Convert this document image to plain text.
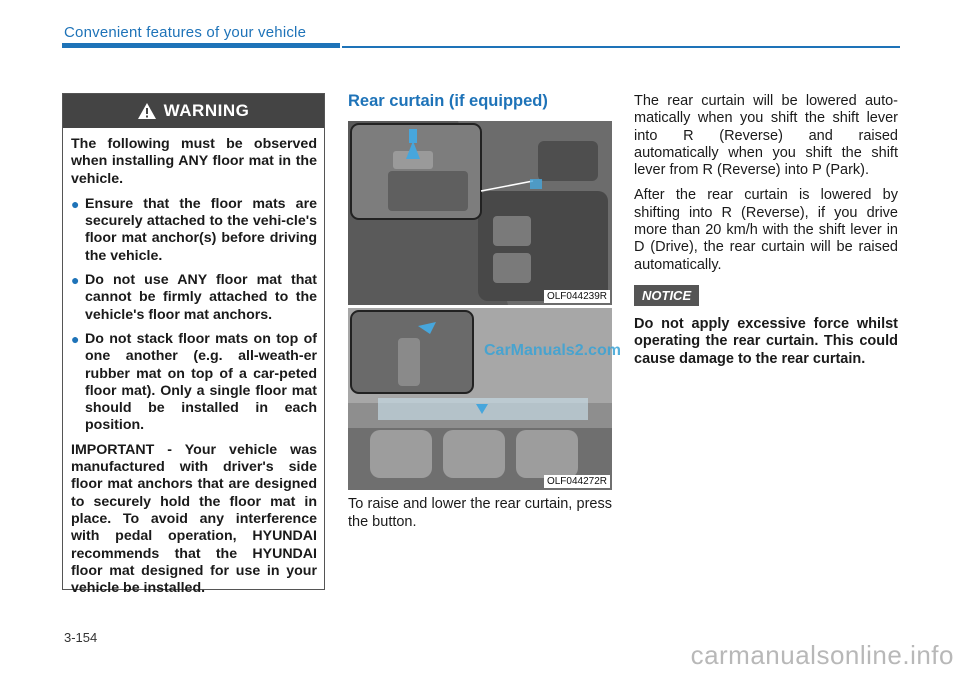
Convenient features of your vehicle
WARNING

The following must be observed when installing ANY floor mat in the vehicle.

● Ensure that the floor mats are securely attached to the vehi-cle's floor mat anchor(s) before driving the vehicle.
● Do not use ANY floor mat that cannot be firmly attached to the vehicle's floor mat anchors.
● Do not stack floor mats on top of one another (e.g. all-weath-er rubber mat on top of a car-peted floor mat). Only a single floor mat should be installed in each position.

IMPORTANT - Your vehicle was manufactured with driver's side floor mat anchors that are designed to securely hold the floor mat in place. To avoid any interference with pedal operation, HYUNDAI recommends that the HYUNDAI floor mat designed for use in your vehicle be installed.

Rear curtain (if equipped)
OLF044239R
OLF044272R
CarManuals2.com
To raise and lower the rear curtain, press the button.

The rear curtain will be lowered auto-matically when you shift the shift lever into R (Reverse) and raised automatically when you shift the shift lever from R (Reverse) into P (Park).

After the rear curtain is lowered by shifting into R (Reverse), if you drive more than 20 km/h with the shift lever in D (Drive), the rear curtain will be raised automatically.

NOTICE
Do not apply excessive force whilst operating the rear curtain. This could cause damage to the rear curtain.
3-154
carmanualsonline.info
